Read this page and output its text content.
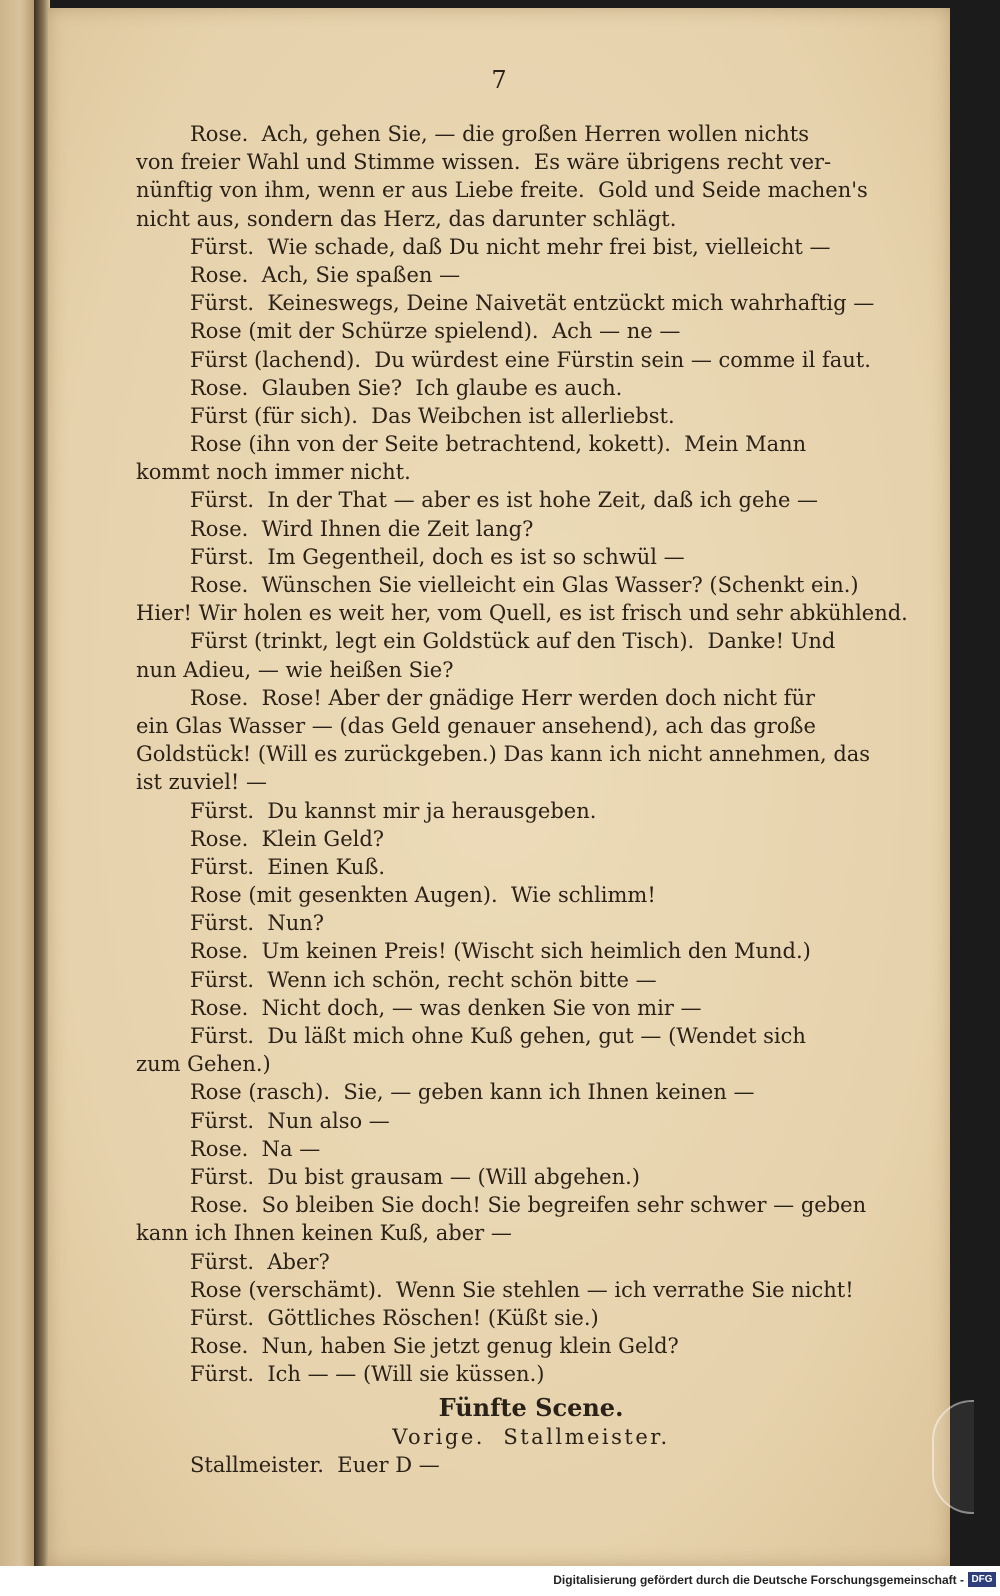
7
Rose.  Ach, gehen Sie, — die großen Herren wollen nichts
von freier Wahl und Stimme wissen.  Es wäre übrigens recht ver-
nünftig von ihm, wenn er aus Liebe freite.  Gold und Seide machen's
nicht aus, sondern das Herz, das darunter schlägt.
Fürst.  Wie schade, daß Du nicht mehr frei bist, vielleicht —
Rose.  Ach, Sie spaßen —
Fürst.  Keineswegs, Deine Naivetät entzückt mich wahrhaftig —
Rose (mit der Schürze spielend).  Ach — ne —
Fürst (lachend).  Du würdest eine Fürstin sein — comme il faut.
Rose.  Glauben Sie?  Ich glaube es auch.
Fürst (für sich).  Das Weibchen ist allerliebst.
Rose (ihn von der Seite betrachtend, kokett).  Mein Mann
kommt noch immer nicht.
Fürst.  In der That — aber es ist hohe Zeit, daß ich gehe —
Rose.  Wird Ihnen die Zeit lang?
Fürst.  Im Gegentheil, doch es ist so schwül —
Rose.  Wünschen Sie vielleicht ein Glas Wasser? (Schenkt ein.)
Hier! Wir holen es weit her, vom Quell, es ist frisch und sehr abkühlend.
Fürst (trinkt, legt ein Goldstück auf den Tisch).  Danke! Und
nun Adieu, — wie heißen Sie?
Rose.  Rose! Aber der gnädige Herr werden doch nicht für
ein Glas Wasser — (das Geld genauer ansehend), ach das große
Goldstück! (Will es zurückgeben.) Das kann ich nicht annehmen, das
ist zuviel! —
Fürst.  Du kannst mir ja herausgeben.
Rose.  Klein Geld?
Fürst.  Einen Kuß.
Rose (mit gesenkten Augen).  Wie schlimm!
Fürst.  Nun?
Rose.  Um keinen Preis! (Wischt sich heimlich den Mund.)
Fürst.  Wenn ich schön, recht schön bitte —
Rose.  Nicht doch, — was denken Sie von mir —
Fürst.  Du läßt mich ohne Kuß gehen, gut — (Wendet sich
zum Gehen.)
Rose (rasch).  Sie, — geben kann ich Ihnen keinen —
Fürst.  Nun also —
Rose.  Na —
Fürst.  Du bist grausam — (Will abgehen.)
Rose.  So bleiben Sie doch! Sie begreifen sehr schwer — geben
kann ich Ihnen keinen Kuß, aber —
Fürst.  Aber?
Rose (verschämt).  Wenn Sie stehlen — ich verrathe Sie nicht!
Fürst.  Göttliches Röschen! (Küßt sie.)
Rose.  Nun, haben Sie jetzt genug klein Geld?
Fürst.  Ich — — (Will sie küssen.)
Fünfte Scene.
Vorige.  Stallmeister.
Stallmeister.  Euer D —
Digitalisierung gefördert durch die Deutsche Forschungsgemeinschaft - DFG
